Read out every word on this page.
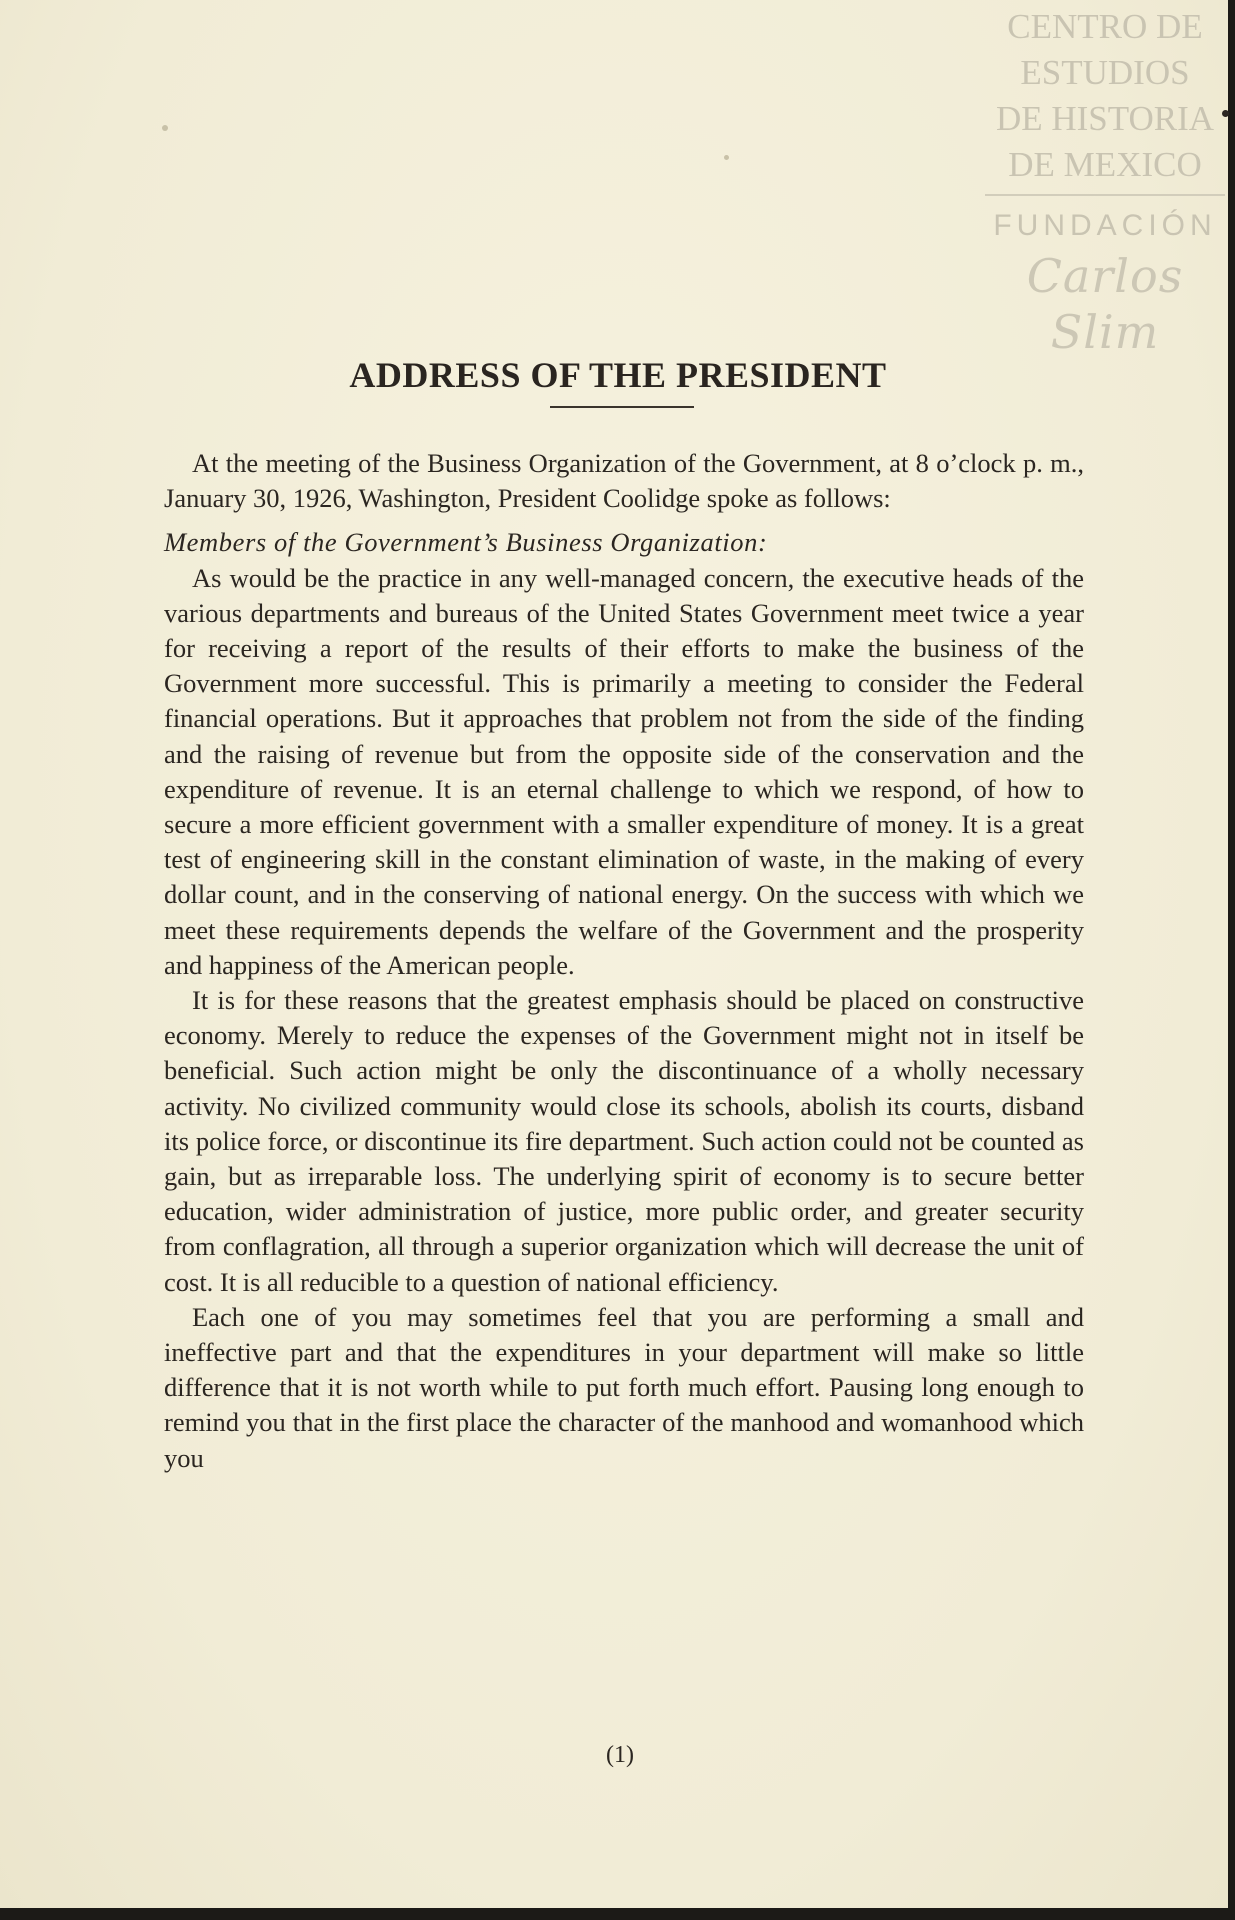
CENTRO DE
ESTUDIOS
DE HISTORIA
DE MEXICO
FUNDACIÓN
Carlos Slim
ADDRESS OF THE PRESIDENT

At the meeting of the Business Organization of the Government, at 8 o’clock p. m., January 30, 1926, Washington, President Coolidge spoke as follows:

Members of the Government’s Business Organization:

As would be the practice in any well-managed concern, the executive heads of the various departments and bureaus of the United States Government meet twice a year for receiving a report of the results of their efforts to make the business of the Government more successful. This is primarily a meeting to consider the Federal financial operations. But it approaches that problem not from the side of the finding and the raising of revenue but from the opposite side of the conservation and the expenditure of revenue. It is an eternal challenge to which we respond, of how to secure a more efficient government with a smaller expenditure of money. It is a great test of engineering skill in the constant elimination of waste, in the making of every dollar count, and in the conserving of national energy. On the success with which we meet these requirements depends the welfare of the Government and the prosperity and happiness of the American people.

It is for these reasons that the greatest emphasis should be placed on constructive economy. Merely to reduce the expenses of the Government might not in itself be beneficial. Such action might be only the discontinuance of a wholly necessary activity. No civilized community would close its schools, abolish its courts, disband its police force, or discontinue its fire department. Such action could not be counted as gain, but as irreparable loss. The underlying spirit of economy is to secure better education, wider administration of justice, more public order, and greater security from conflagration, all through a superior organization which will decrease the unit of cost. It is all reducible to a question of national efficiency.

Each one of you may sometimes feel that you are performing a small and ineffective part and that the expenditures in your department will make so little difference that it is not worth while to put forth much effort. Pausing long enough to remind you that in the first place the character of the manhood and womanhood which you

(1)
